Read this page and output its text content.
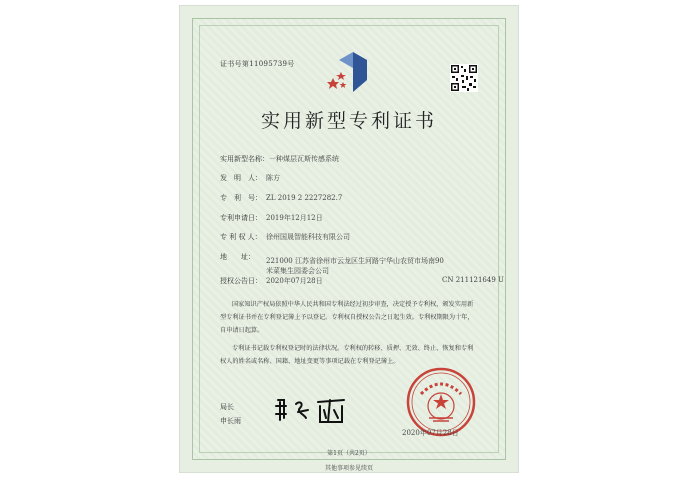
证书号第11095739号
实用新型专利证书
实用新型名称：一种煤层瓦斯传感系统
发　明　人： 陈方
专　利　号： ZL 2019 2 2227282.7
专利申请日： 2019年12月12日
专 利 权 人： 徐州国晟智能科技有限公司
地　　址：	221000 江苏省徐州市云龙区生河路宁华山农贸市场南90
米菜集生园委会公司
授权公告日： 2020年07月28日	CN 211121649 U

国家知识产权局依照中华人民共和国专利法经过初步审查，决定授予专利权，颁发实用新型专利证书并在专利登记簿上予以登记。专利权自授权公告之日起生效。专利权期限为十年，自申请日起算。

专利证书记载专利权登记时的法律状况。专利权的转移、质押、无效、终止、恢复和专利权人的姓名或名称、国籍、地址变更等事项记载在专利登记簿上。

局长
申长雨
2020年07月28日
第1页（共2页）
其他事项参见续页
